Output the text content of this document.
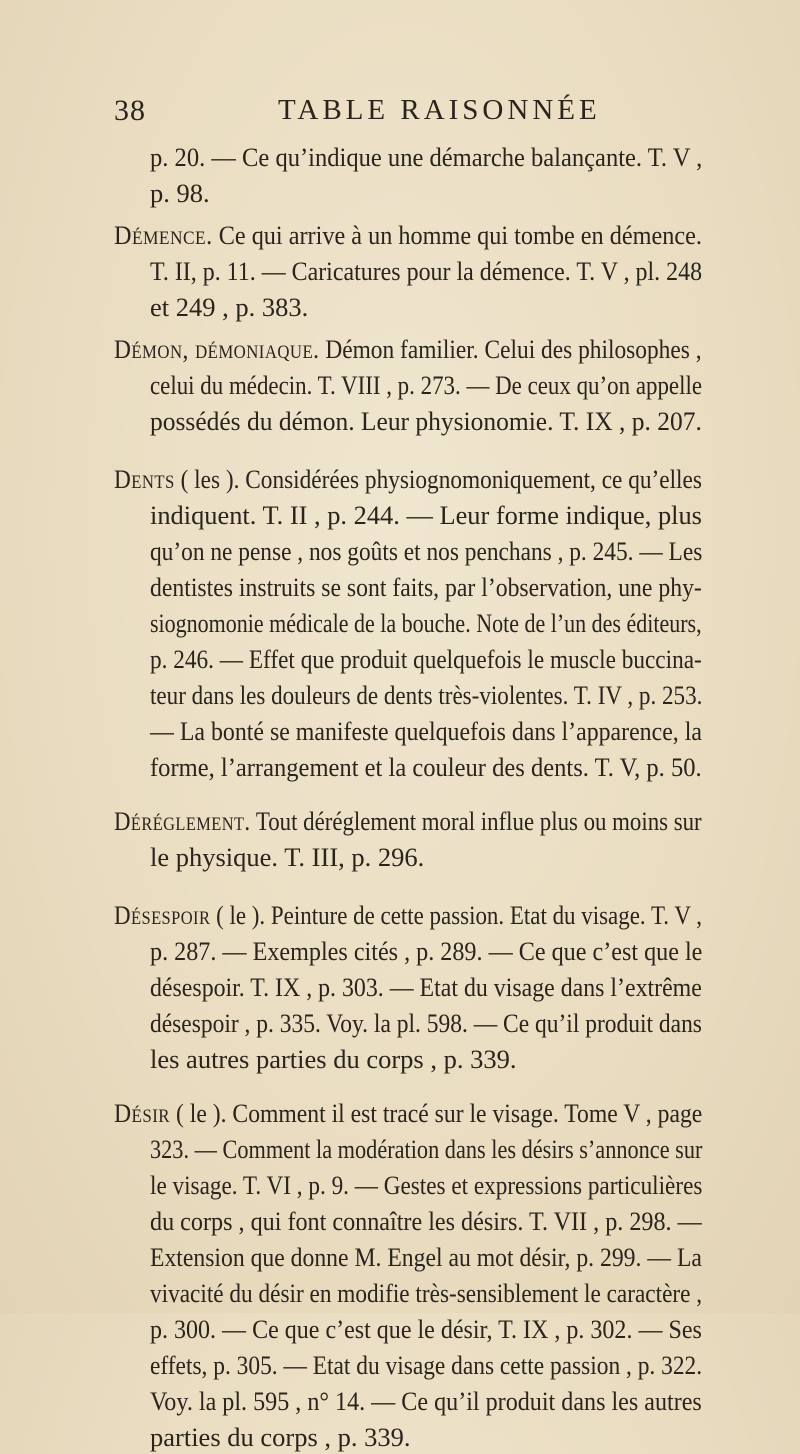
38	TABLE RAISONNÉE
p. 20. — Ce qu’indique une démarche balançante. T. V ,
p. 98.
Démence. Ce qui arrive à un homme qui tombe en démence.
T. II, p. 11. — Caricatures pour la démence. T. V , pl. 248
et 249 , p. 383.
Démon, démoniaque. Démon familier. Celui des philosophes ,
celui du médecin. T. VIII , p. 273. — De ceux qu’on appelle
possédés du démon. Leur physionomie. T. IX , p. 207.
Dents ( les ). Considérées physiognomoniquement, ce qu’elles
indiquent. T. II , p. 244. — Leur forme indique, plus
qu’on ne pense , nos goûts et nos penchans , p. 245. — Les
dentistes instruits se sont faits, par l’observation, une phy-
siognomonie médicale de la bouche. Note de l’un des éditeurs,
p. 246. — Effet que produit quelquefois le muscle buccina-
teur dans les douleurs de dents très-violentes. T. IV , p. 253.
— La bonté se manifeste quelquefois dans l’apparence, la
forme, l’arrangement et la couleur des dents. T. V, p. 50.
Déréglement. Tout déréglement moral influe plus ou moins sur
le physique. T. III, p. 296.
Désespoir ( le ). Peinture de cette passion. Etat du visage. T. V ,
p. 287. — Exemples cités , p. 289. — Ce que c’est que le
désespoir. T. IX , p. 303. — Etat du visage dans l’extrême
désespoir , p. 335. Voy. la pl. 598. — Ce qu’il produit dans
les autres parties du corps , p. 339.
Désir ( le ). Comment il est tracé sur le visage. Tome V , page
323. — Comment la modération dans les désirs s’annonce sur
le visage. T. VI , p. 9. — Gestes et expressions particulières
du corps , qui font connaître les désirs. T. VII , p. 298. —
Extension que donne M. Engel au mot désir, p. 299. — La
vivacité du désir en modifie très-sensiblement le caractère ,
p. 300. — Ce que c’est que le désir, T. IX , p. 302. — Ses
effets, p. 305. — Etat du visage dans cette passion , p. 322.
Voy. la pl. 595 , n° 14. — Ce qu’il produit dans les autres
parties du corps , p. 339.
